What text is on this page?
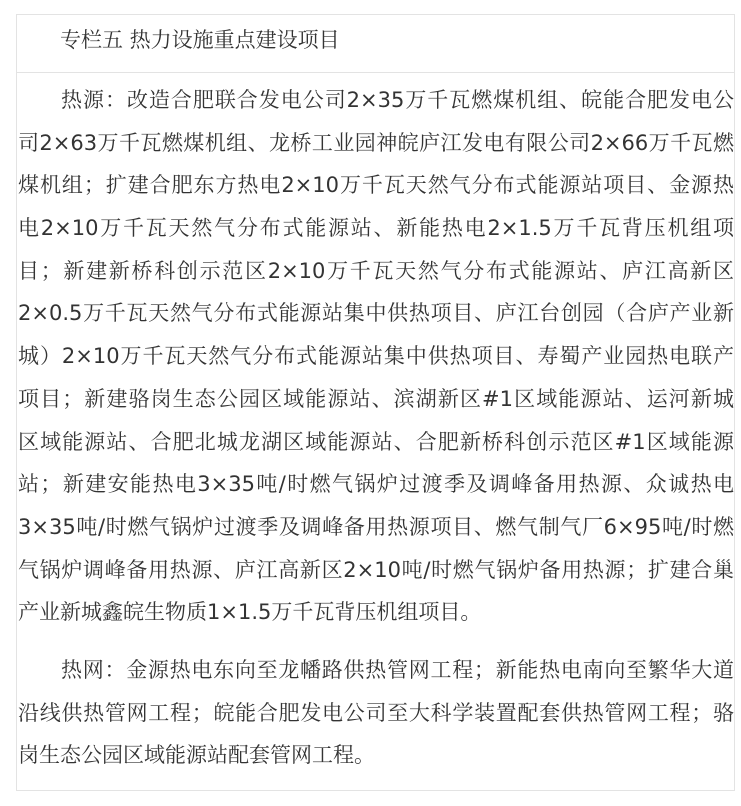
专栏五 热力设施重点建设项目
热源：改造合肥联合发电公司2×35万千瓦燃煤机组、皖能合肥发电公
司2×63万千瓦燃煤机组、龙桥工业园神皖庐江发电有限公司2×66万千瓦燃
煤机组；扩建合肥东方热电2×10万千瓦天然气分布式能源站项目、金源热
电2×10万千瓦天然气分布式能源站、新能热电2×1.5万千瓦背压机组项
目；新建新桥科创示范区2×10万千瓦天然气分布式能源站、庐江高新区
2×0.5万千瓦天然气分布式能源站集中供热项目、庐江台创园（合庐产业新
城）2×10万千瓦天然气分布式能源站集中供热项目、寿蜀产业园热电联产
项目；新建骆岗生态公园区域能源站、滨湖新区#1区域能源站、运河新城
区域能源站、合肥北城龙湖区域能源站、合肥新桥科创示范区#1区域能源
站；新建安能热电3×35吨/时燃气锅炉过渡季及调峰备用热源、众诚热电
3×35吨/时燃气锅炉过渡季及调峰备用热源项目、燃气制气厂6×95吨/时燃
气锅炉调峰备用热源、庐江高新区2×10吨/时燃气锅炉备用热源；扩建合巢
产业新城鑫皖生物质1×1.5万千瓦背压机组项目。
热网：金源热电东向至龙幡路供热管网工程；新能热电南向至繁华大道
沿线供热管网工程；皖能合肥发电公司至大科学装置配套供热管网工程；骆
岗生态公园区域能源站配套管网工程。
